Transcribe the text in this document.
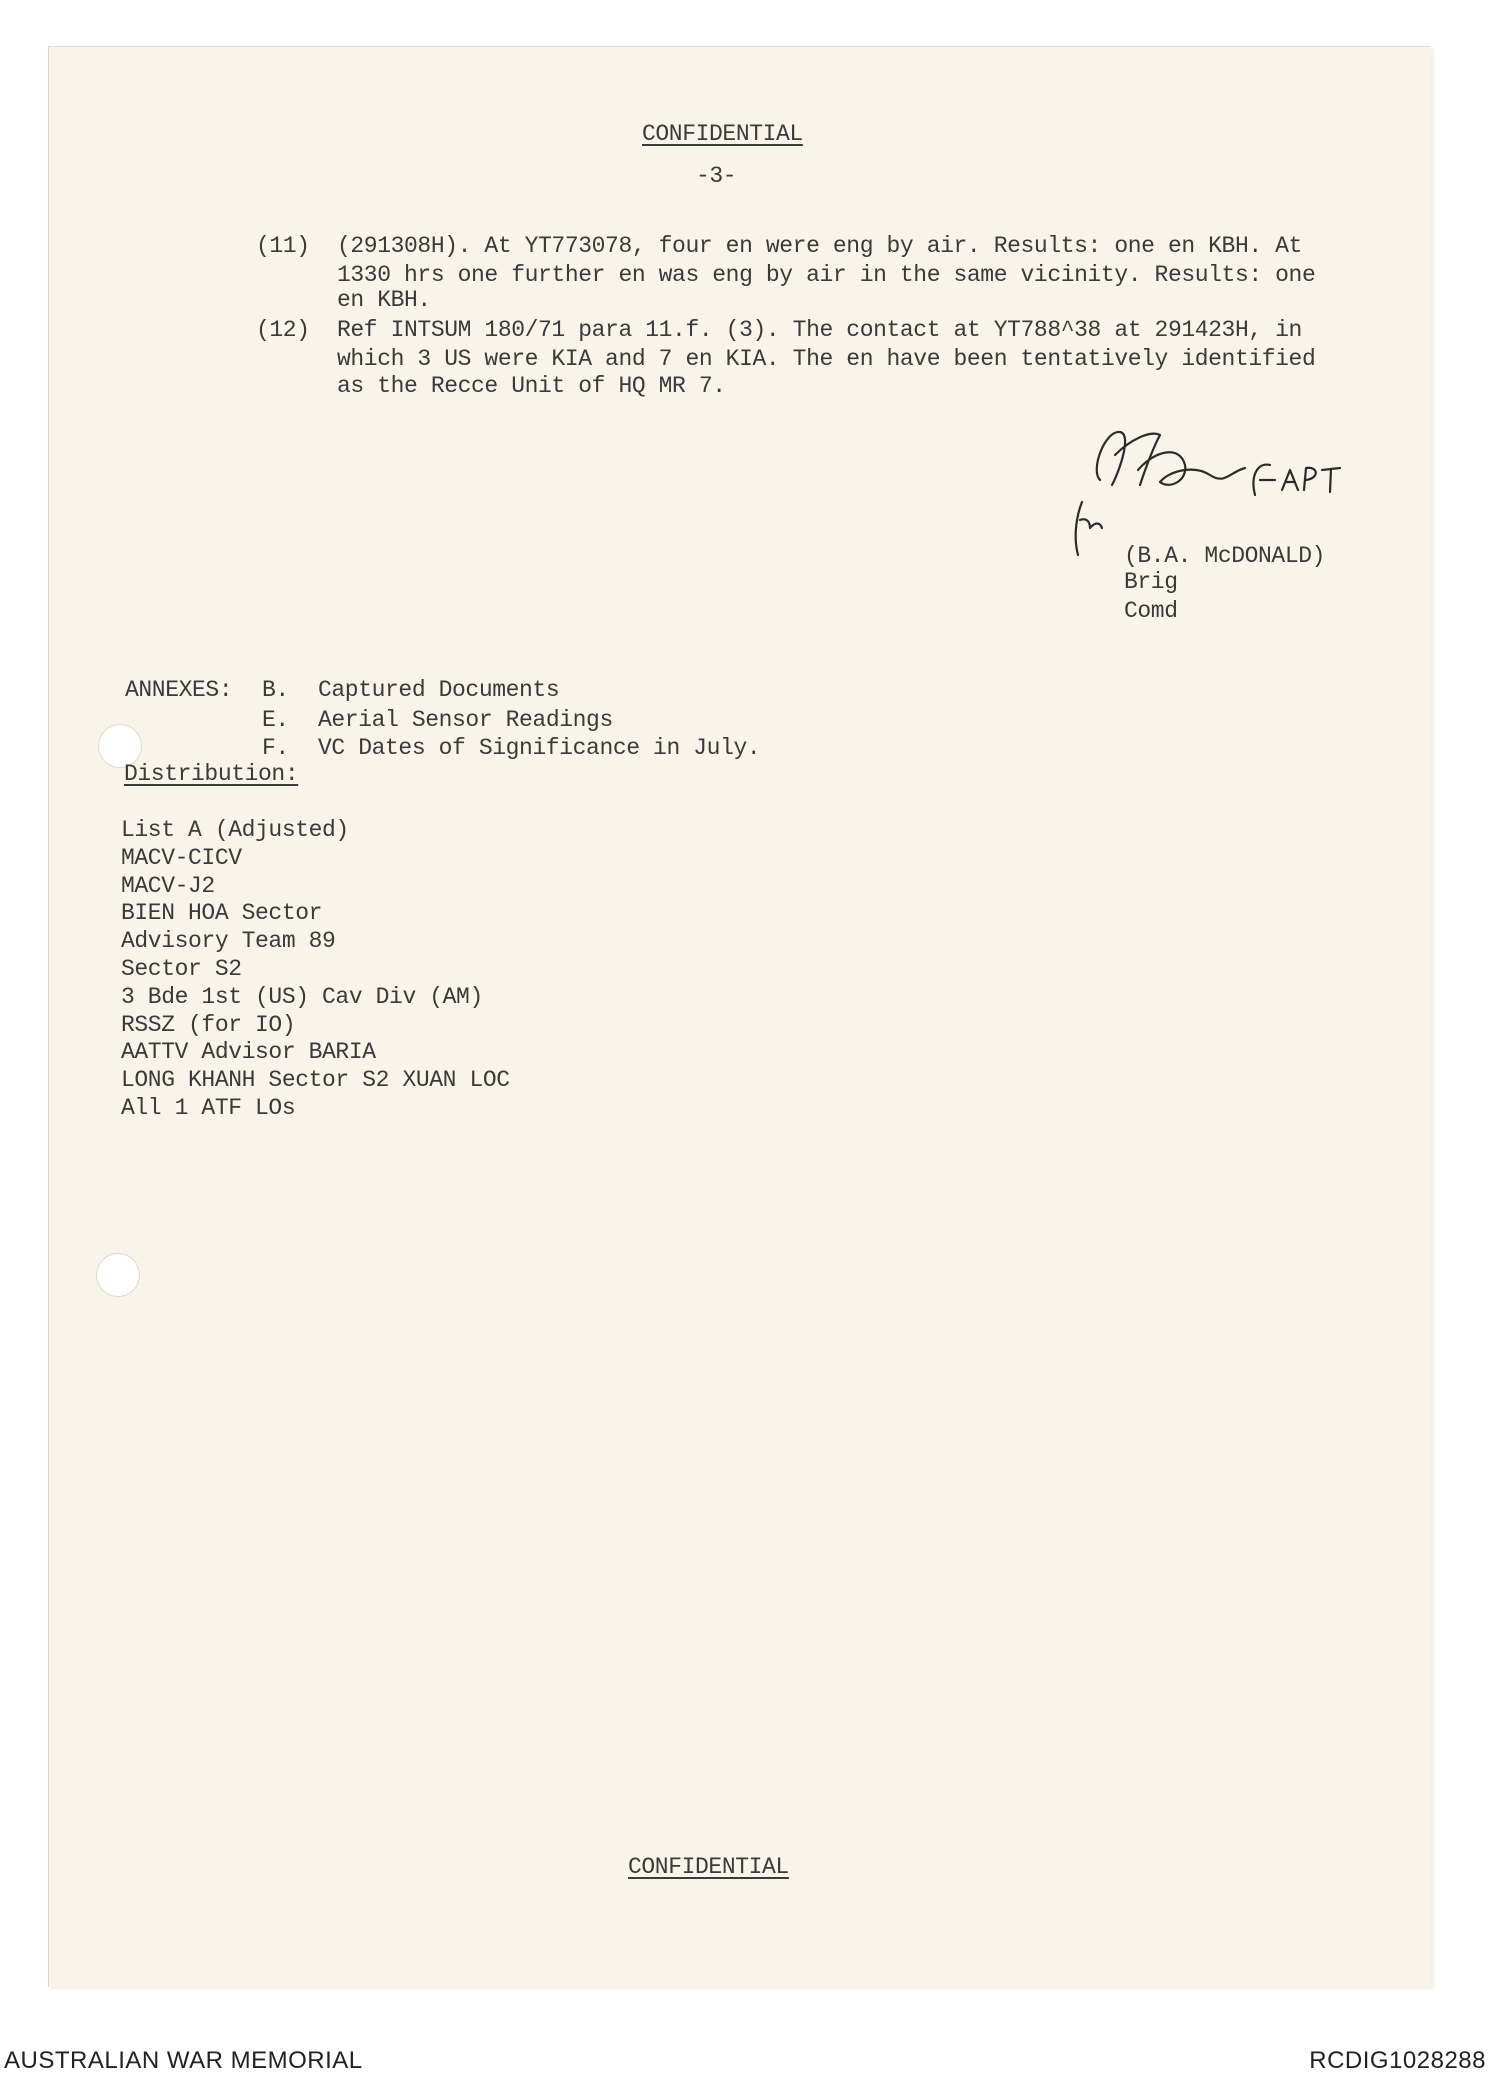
CONFIDENTIAL
-3-
(11) (291308H). At YT773078, four en were eng by air. Results: one en KBH. At
1330 hrs one further en was eng by air in the same vicinity. Results: one
en KBH.
(12) Ref INTSUM 180/71 para 11.f. (3). The contact at YT788^38 at 291423H, in
which 3 US were KIA and 7 en KIA. The en have been tentatively identified
as the Recce Unit of HQ MR 7.
(B.A. McDONALD)
Brig
Comd
ANNEXES: B. Captured Documents
E. Aerial Sensor Readings
F. VC Dates of Significance in July.
Distribution:
List A (Adjusted)
MACV-CICV
MACV-J2
BIEN HOA Sector
Advisory Team 89
Sector S2
3 Bde 1st (US) Cav Div (AM)
RSSZ (for IO)
AATTV Advisor BARIA
LONG KHANH Sector S2 XUAN LOC
All 1 ATF LOs
CONFIDENTIAL
AUSTRALIAN WAR MEMORIAL	RCDIG1028288
